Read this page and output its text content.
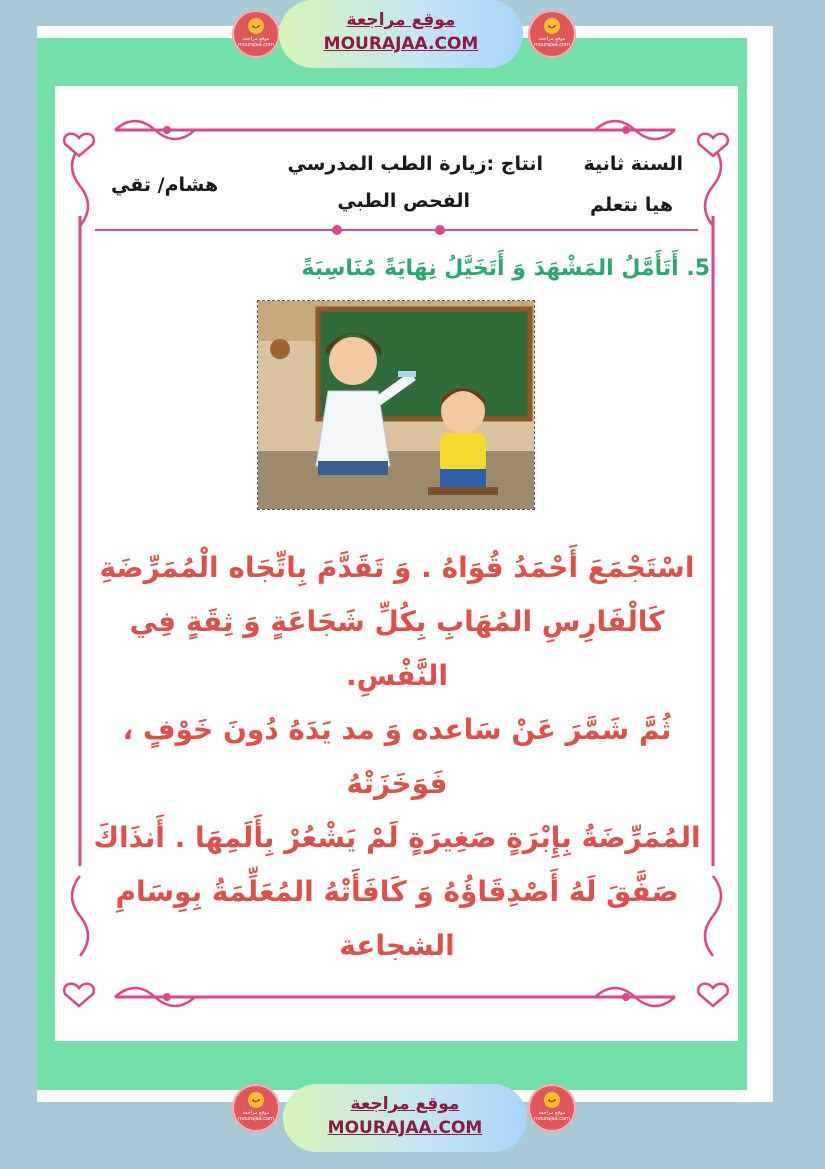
ب
موقع مراجعة mourajaa.com
موقع مراجعة
MOURAJAA.COM
ب
موقع مراجعة mourajaa.com
السنة ثانية
هيا نتعلم
انتاج :زيارة الطب المدرسي
الفحص الطبي
هشام/ تقي
5. أَتَأَمَّلُ المَشْهَدَ وَ أَتَخَيَّلُ نِهَايَةً مُنَاسِبَةً
اسْتَجْمَعَ أَحْمَدُ قُوَاهُ . وَ تَقَدَّمَ بِاتِّجَاه الْمُمَرِّضَةِ
كَالْفَارِسِ المُهَابِ بِكُلِّ شَجَاعَةٍ وَ ثِقَةٍ فِي النَّفْسِ.
ثُمَّ شَمَّرَ عَنْ سَاعده وَ مد يَدَهُ دُونَ خَوْفٍ ، فَوَخَزَتْهُ
المُمَرِّضَةُ بِإِبْرَةٍ صَغِيرَةٍ لَمْ يَشْعُرْ بِأَلَمِهَا . أَنذَاكَ
صَفَّقَ لَهُ أَصْدِقَاؤُهُ وَ كَافَأَتْهُ المُعَلِّمَةُ بِوِسَامِ
الشجاعة
ب
موقع مراجعة mourajaa.com
موقع مراجعة
MOURAJAA.COM
ب
موقع مراجعة mourajaa.com
